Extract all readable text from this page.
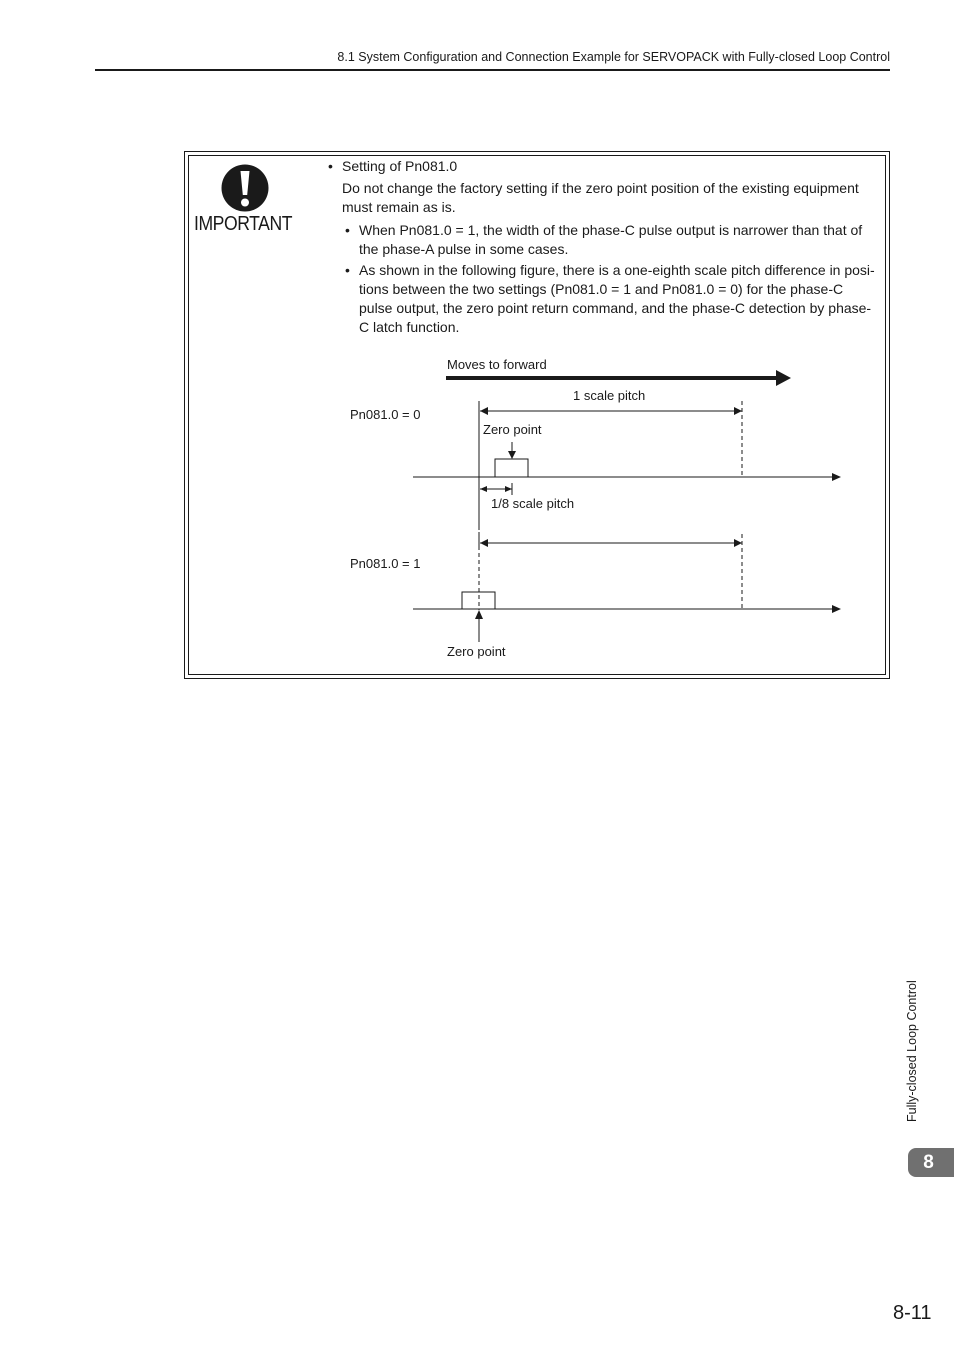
8.1 System Configuration and Connection Example for SERVOPACK with Fully-closed Loop Control
IMPORTANT
• Setting of Pn081.0
Do not change the factory setting if the zero point position of the existing equipment
must remain as is.
• When Pn081.0 = 1, the width of the phase-C pulse output is narrower than that of
the phase-A pulse in some cases.
• As shown in the following figure, there is a one-eighth scale pitch difference in posi-
tions between the two settings (Pn081.0 = 1 and Pn081.0 = 0) for the phase-C
pulse output, the zero point return command, and the phase-C detection by phase-
C latch function.
Moves to forward
1 scale pitch
Pn081.0 = 0
Zero point
1/8 scale pitch
Pn081.0 = 1
Zero point
Fully-closed Loop Control
8
8-11
